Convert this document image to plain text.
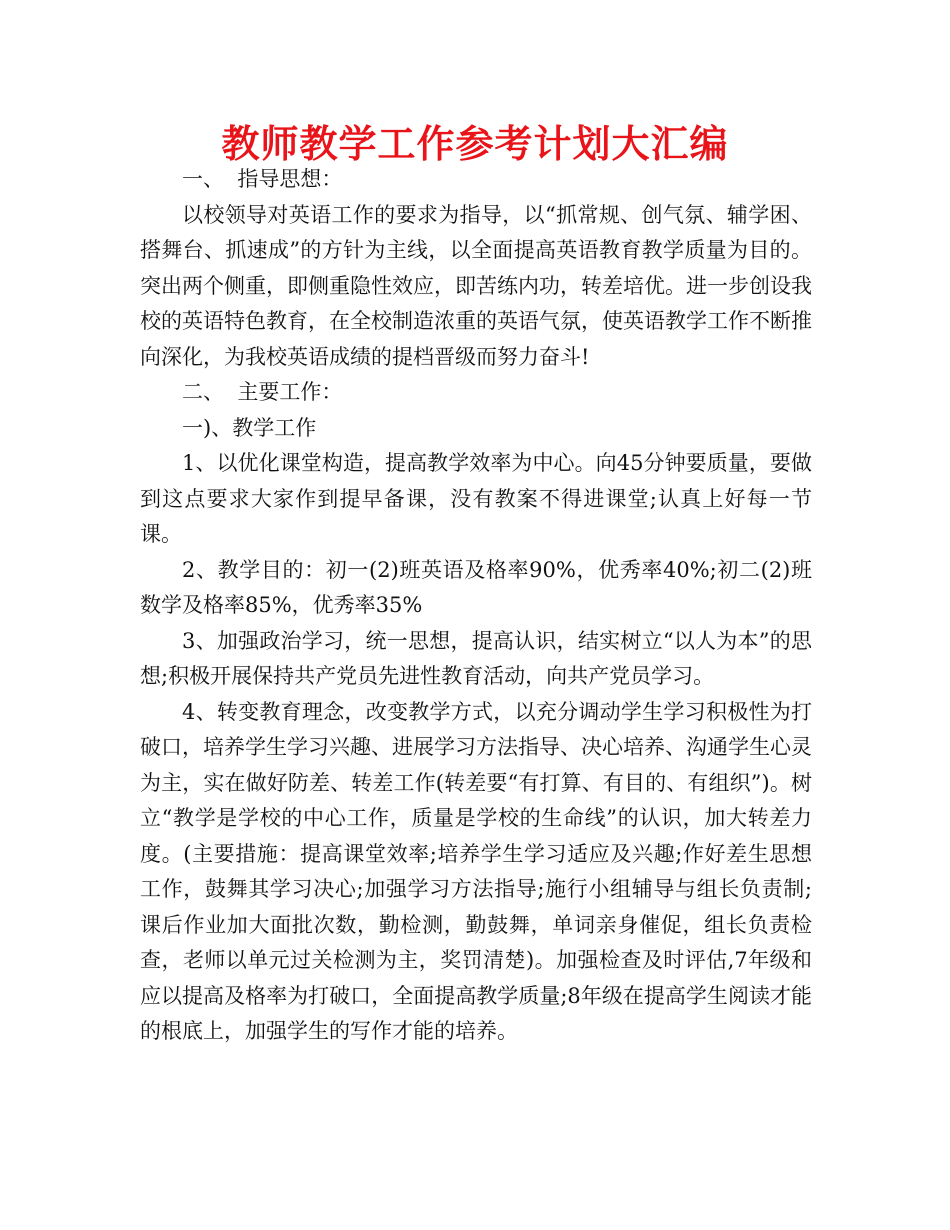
教师教学工作参考计划大汇编

一、  指导思想：

以校领导对英语工作的要求为指导，以“抓常规、创气氛、辅学困、搭舞台、抓速成”的方针为主线，以全面提高英语教育教学质量为目的。突出两个侧重，即侧重隐性效应，即苦练内功，转差培优。进一步创设我校的英语特色教育，在全校制造浓重的英语气氛，使英语教学工作不断推向深化，为我校英语成绩的提档晋级而努力奋斗!

二、  主要工作：

一)、教学工作

1、以优化课堂构造，提高教学效率为中心。向45分钟要质量，要做到这点要求大家作到提早备课，没有教案不得进课堂;认真上好每一节课。

2、教学目的：初一(2)班英语及格率90%，优秀率40%;初二(2)班数学及格率85%，优秀率35%

3、加强政治学习，统一思想，提高认识，结实树立“以人为本”的思想;积极开展保持共产党员先进性教育活动，向共产党员学习。

4、转变教育理念，改变教学方式，以充分调动学生学习积极性为打破口，培养学生学习兴趣、进展学习方法指导、决心培养、沟通学生心灵为主，实在做好防差、转差工作(转差要“有打算、有目的、有组织”)。树立“教学是学校的中心工作，质量是学校的生命线”的认识，加大转差力度。(主要措施：提高课堂效率;培养学生学习适应及兴趣;作好差生思想工作，鼓舞其学习决心;加强学习方法指导;施行小组辅导与组长负责制;课后作业加大面批次数，勤检测，勤鼓舞，单词亲身催促，组长负责检查，老师以单元过关检测为主，奖罚清楚)。加强检查及时评估,7年级和应以提高及格率为打破口，全面提高教学质量;8年级在提高学生阅读才能的根底上，加强学生的写作才能的培养。
